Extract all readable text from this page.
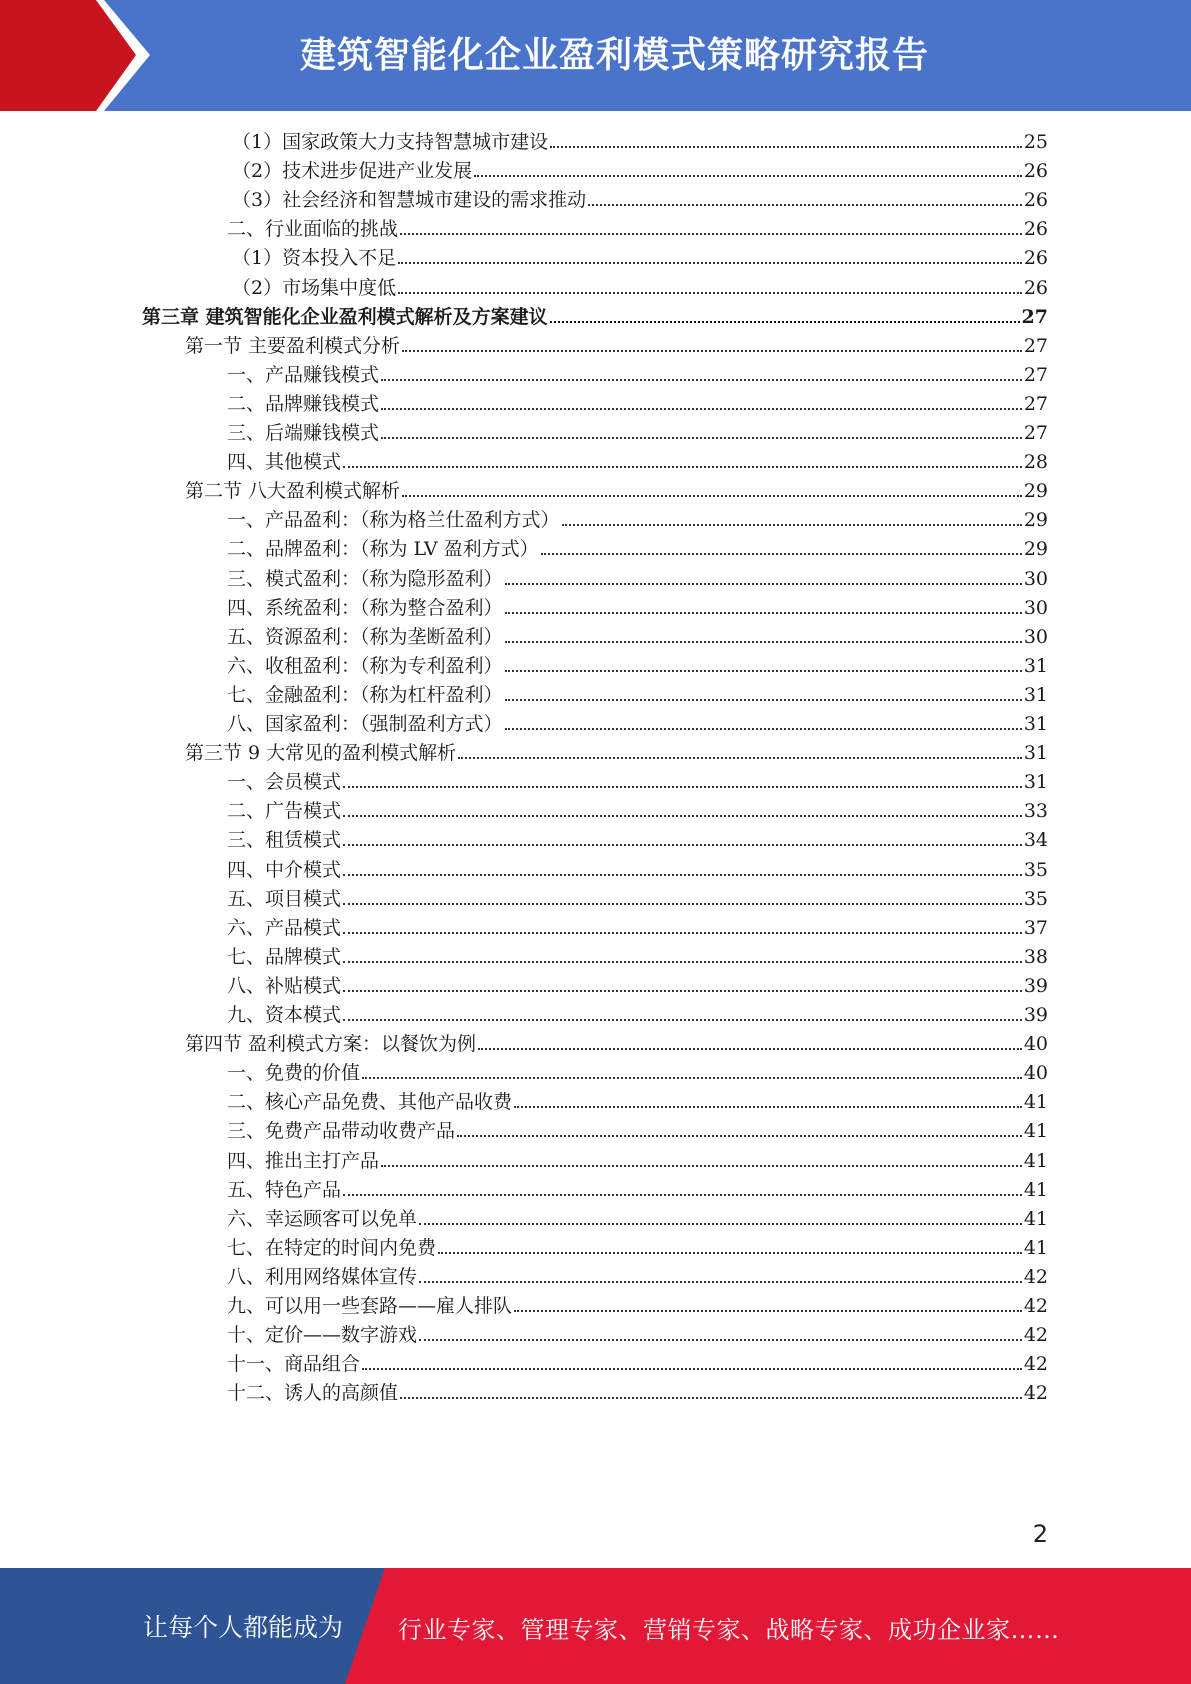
建筑智能化企业盈利模式策略研究报告
（1）国家政策大力支持智慧城市建设	25
（2）技术进步促进产业发展	26
（3）社会经济和智慧城市建设的需求推动	26
二、行业面临的挑战	26
（1）资本投入不足	26
（2）市场集中度低	26
第三章 建筑智能化企业盈利模式解析及方案建议	27
第一节 主要盈利模式分析	27
一、产品赚钱模式	27
二、品牌赚钱模式	27
三、后端赚钱模式	27
四、其他模式	28
第二节 八大盈利模式解析	29
一、产品盈利：（称为格兰仕盈利方式）	29
二、品牌盈利：（称为 LV 盈利方式）	29
三、模式盈利：（称为隐形盈利）	30
四、系统盈利：（称为整合盈利）	30
五、资源盈利：（称为垄断盈利）	30
六、收租盈利：（称为专利盈利）	31
七、金融盈利：（称为杠杆盈利）	31
八、国家盈利：（强制盈利方式）	31
第三节 9 大常见的盈利模式解析	31
一、会员模式	31
二、广告模式	33
三、租赁模式	34
四、中介模式	35
五、项目模式	35
六、产品模式	37
七、品牌模式	38
八、补贴模式	39
九、资本模式	39
第四节 盈利模式方案：以餐饮为例	40
一、免费的价值	40
二、核心产品免费、其他产品收费	41
三、免费产品带动收费产品	41
四、推出主打产品	41
五、特色产品	41
六、幸运顾客可以免单	41
七、在特定的时间内免费	41
八、利用网络媒体宣传	42
九、可以用一些套路——雇人排队	42
十、定价——数字游戏	42
十一、商品组合	42
十二、诱人的高颜值	42
2
让每个人都能成为 行业专家、管理专家、营销专家、战略专家、成功企业家……
